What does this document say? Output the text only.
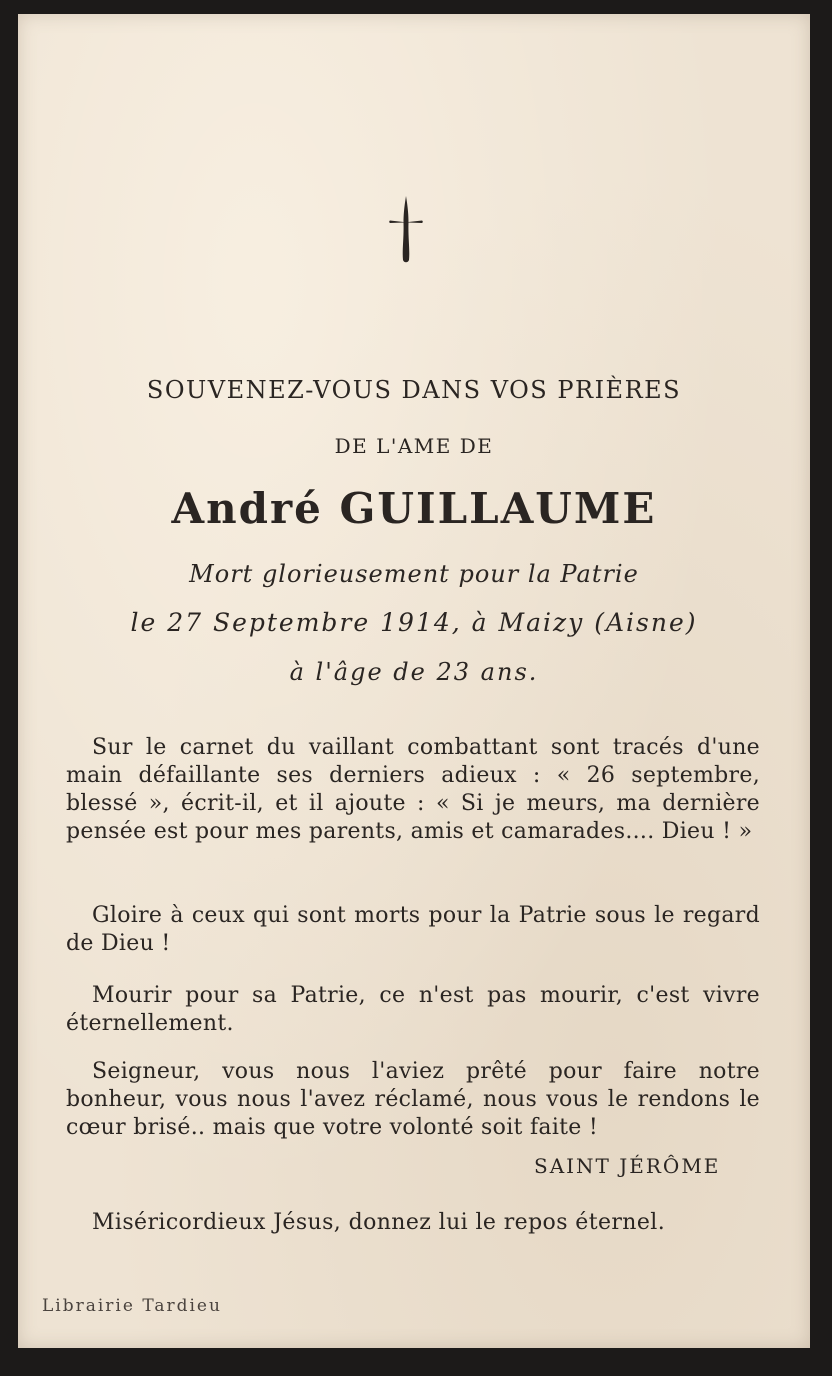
SOUVENEZ-VOUS DANS VOS PRIÈRES
DE L'AME DE
André GUILLAUME
Mort glorieusement pour la Patrie
le 27 Septembre 1914, à Maizy (Aisne)
à l'âge de 23 ans.
Sur le carnet du vaillant combattant sont tracés d'une main défaillante ses derniers adieux : « 26 septembre, blessé », écrit-il, et il ajoute : « Si je meurs, ma dernière pensée est pour mes parents, amis et camarades.... Dieu ! »
Gloire à ceux qui sont morts pour la Patrie sous le regard de Dieu !
Mourir pour sa Patrie, ce n'est pas mourir, c'est vivre éternellement.
Seigneur, vous nous l'aviez prêté pour faire notre bonheur, vous nous l'avez réclamé, nous vous le rendons le cœur brisé.. mais que votre volonté soit faite !
SAINT JÉRÔME
Miséricordieux Jésus, donnez lui le repos éternel.
Librairie Tardieu
